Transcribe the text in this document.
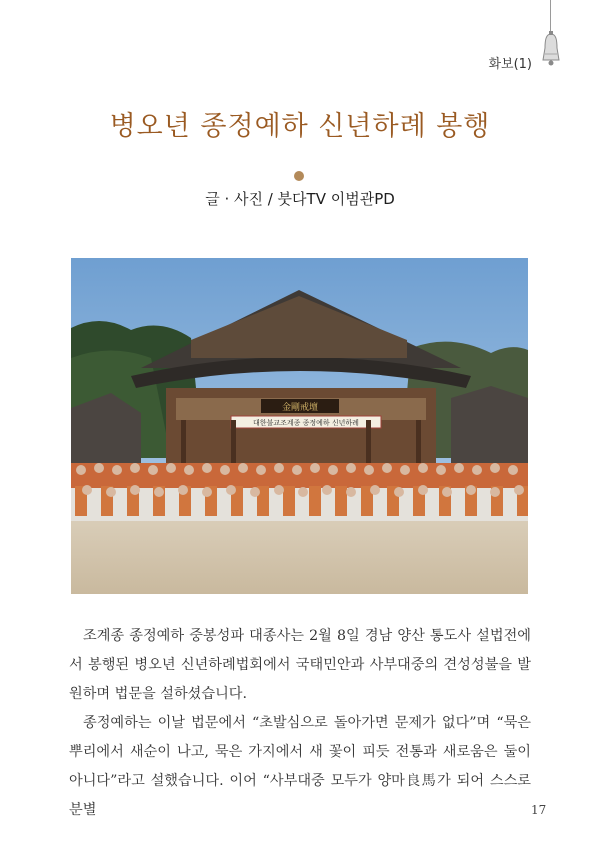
화보(1)
병오년 종정예하 신년하례 봉행
글 · 사진 / 붓다TV 이범관PD
金剛戒壇
대한불교조계종 종정예하 신년하례

조계종 종정예하 중봉성파 대종사는 2월 8일 경남 양산 통도사 설법전에서 봉행된 병오년 신년하례법회에서 국태민안과 사부대중의 견성성불을 발원하며 법문을 설하셨습니다.

종정예하는 이날 법문에서 “초발심으로 돌아가면 문제가 없다”며 “묵은 뿌리에서 새순이 나고, 묵은 가지에서 새 꽃이 피듯 전통과 새로움은 둘이 아니다”라고 설했습니다. 이어 “사부대중 모두가 양마良馬가 되어 스스로 분별	17
